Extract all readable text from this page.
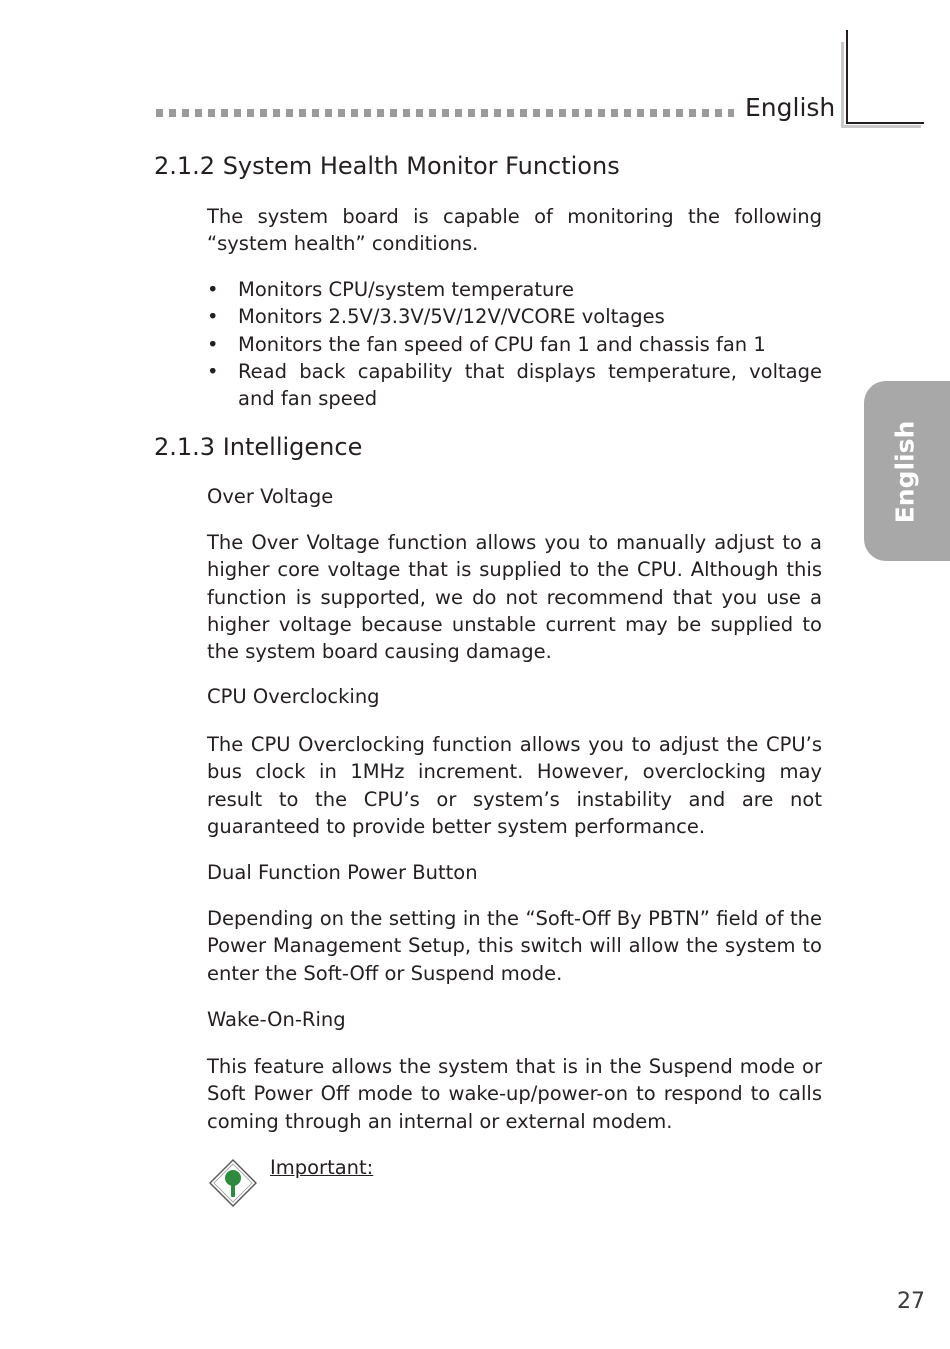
English
English
2.1.2 System Health Monitor Functions

The system board is capable of monitoring the following “system health” conditions.

• Monitors CPU/system temperature
• Monitors 2.5V/3.3V/5V/12V/VCORE voltages
• Monitors the fan speed of CPU fan 1 and chassis fan 1
• Read back capability that displays temperature, voltage and fan speed
2.1.3 Intelligence
Over Voltage

The Over Voltage function allows you to manually adjust to a higher core voltage that is supplied to the CPU. Although this function is supported, we do not recommend that you use a higher voltage because unstable current may be supplied to the system board causing damage.

CPU Overclocking

The CPU Overclocking function allows you to adjust the CPU’s bus clock in 1MHz increment. However, overclocking may result to the CPU’s or system’s instability and are not guaranteed to provide better system performance.

Dual Function Power Button

Depending on the setting in the “Soft-Off By PBTN” field of the Power Management Setup, this switch will allow the system to enter the Soft-Off or Suspend mode.

Wake-On-Ring

This feature allows the system that is in the Suspend mode or Soft Power Off mode to wake-up/power-on to respond to calls coming through an internal or external modem.

Important:
27
